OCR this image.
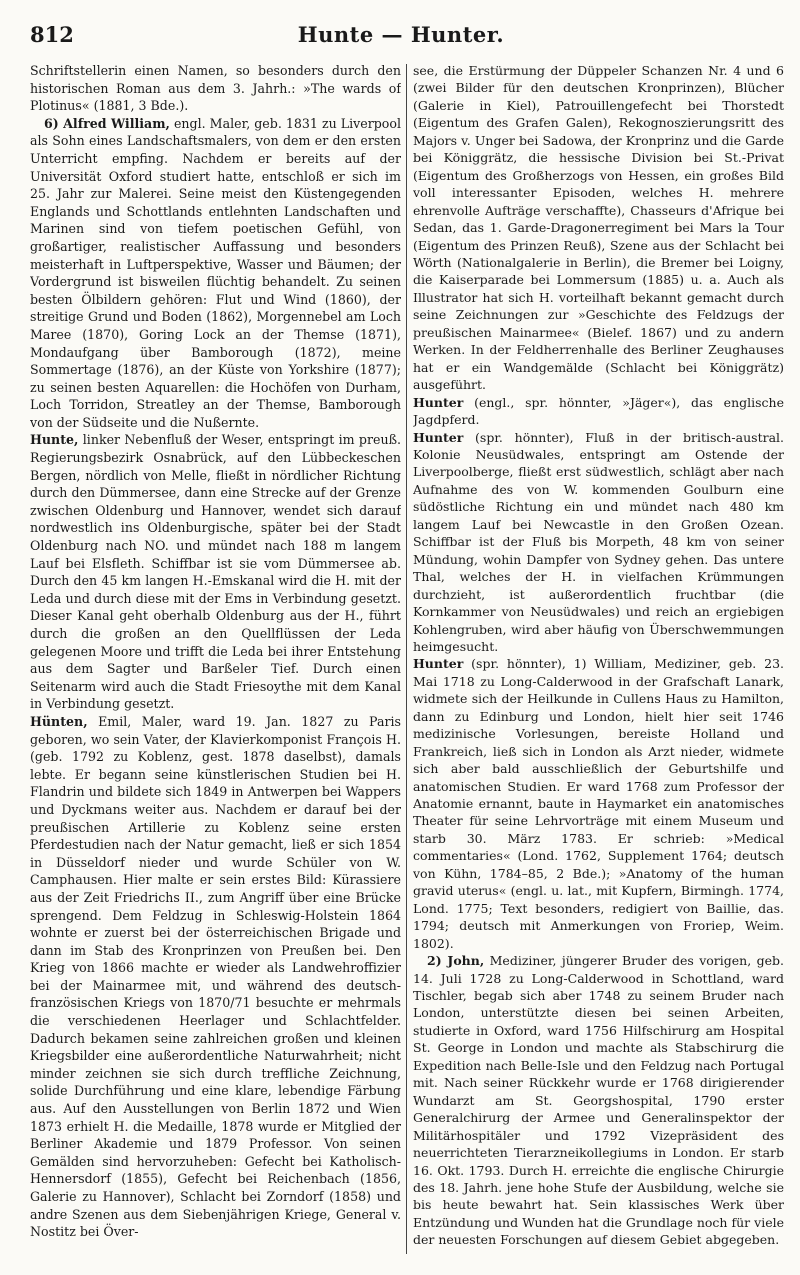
812	Hunte — Hunter.

Schriftstellerin einen Namen, so besonders durch den historischen Roman aus dem 3. Jahrh.: »The wards of Plotinus« (1881, 3 Bde.).

6) Alfred William, engl. Maler, geb. 1831 zu Liverpool als Sohn eines Landschaftsmalers, von dem er den ersten Unterricht empfing. Nachdem er bereits auf der Universität Oxford studiert hatte, entschloß er sich im 25. Jahr zur Malerei. Seine meist den Küstengegenden Englands und Schottlands entlehnten Landschaften und Marinen sind von tiefem poetischen Gefühl, von großartiger, realistischer Auffassung und besonders meisterhaft in Luftperspektive, Wasser und Bäumen; der Vordergrund ist bisweilen flüchtig behandelt. Zu seinen besten Ölbildern gehören: Flut und Wind (1860), der streitige Grund und Boden (1862), Morgennebel am Loch Maree (1870), Goring Lock an der Themse (1871), Mondaufgang über Bamborough (1872), meine Sommertage (1876), an der Küste von Yorkshire (1877); zu seinen besten Aquarellen: die Hochöfen von Durham, Loch Torridon, Streatley an der Themse, Bamborough von der Südseite und die Nußernte.

Hunte, linker Nebenfluß der Weser, entspringt im preuß. Regierungsbezirk Osnabrück, auf den Lübbeckeschen Bergen, nördlich von Melle, fließt in nördlicher Richtung durch den Dümmersee, dann eine Strecke auf der Grenze zwischen Oldenburg und Hannover, wendet sich darauf nordwestlich ins Oldenburgische, später bei der Stadt Oldenburg nach NO. und mündet nach 188 m langem Lauf bei Elsfleth. Schiffbar ist sie vom Dümmersee ab. Durch den 45 km langen H.-Emskanal wird die H. mit der Leda und durch diese mit der Ems in Verbindung gesetzt. Dieser Kanal geht oberhalb Oldenburg aus der H., führt durch die großen an den Quellflüssen der Leda gelegenen Moore und trifft die Leda bei ihrer Entstehung aus dem Sagter und Barßeler Tief. Durch einen Seitenarm wird auch die Stadt Friesoythe mit dem Kanal in Verbindung gesetzt.

Hünten, Emil, Maler, ward 19. Jan. 1827 zu Paris geboren, wo sein Vater, der Klavierkomponist François H. (geb. 1792 zu Koblenz, gest. 1878 daselbst), damals lebte. Er begann seine künstlerischen Studien bei H. Flandrin und bildete sich 1849 in Antwerpen bei Wappers und Dyckmans weiter aus. Nachdem er darauf bei der preußischen Artillerie zu Koblenz seine ersten Pferdestudien nach der Natur gemacht, ließ er sich 1854 in Düsseldorf nieder und wurde Schüler von W. Camphausen. Hier malte er sein erstes Bild: Kürassiere aus der Zeit Friedrichs II., zum Angriff über eine Brücke sprengend. Dem Feldzug in Schleswig-Holstein 1864 wohnte er zuerst bei der österreichischen Brigade und dann im Stab des Kronprinzen von Preußen bei. Den Krieg von 1866 machte er wieder als Landwehroffizier bei der Mainarmee mit, und während des deutsch-französischen Kriegs von 1870/71 besuchte er mehrmals die verschiedenen Heerlager und Schlachtfelder. Dadurch bekamen seine zahlreichen großen und kleinen Kriegsbilder eine außerordentliche Naturwahrheit; nicht minder zeichnen sie sich durch treffliche Zeichnung, solide Durchführung und eine klare, lebendige Färbung aus. Auf den Ausstellungen von Berlin 1872 und Wien 1873 erhielt H. die Medaille, 1878 wurde er Mitglied der Berliner Akademie und 1879 Professor. Von seinen Gemälden sind hervorzuheben: Gefecht bei Katholisch-Hennersdorf (1855), Gefecht bei Reichenbach (1856, Galerie zu Hannover), Schlacht bei Zorndorf (1858) und andre Szenen aus dem Siebenjährigen Kriege, General v. Nostitz bei Över-

see, die Erstürmung der Düppeler Schanzen Nr. 4 und 6 (zwei Bilder für den deutschen Kronprinzen), Blücher (Galerie in Kiel), Patrouillengefecht bei Thorstedt (Eigentum des Grafen Galen), Rekognoszierungsritt des Majors v. Unger bei Sadowa, der Kronprinz und die Garde bei Königgrätz, die hessische Division bei St.-Privat (Eigentum des Großherzogs von Hessen, ein großes Bild voll interessanter Episoden, welches H. mehrere ehrenvolle Aufträge verschaffte), Chasseurs d'Afrique bei Sedan, das 1. Garde-Dragonerregiment bei Mars la Tour (Eigentum des Prinzen Reuß), Szene aus der Schlacht bei Wörth (Nationalgalerie in Berlin), die Bremer bei Loigny, die Kaiserparade bei Lommersum (1885) u. a. Auch als Illustrator hat sich H. vorteilhaft bekannt gemacht durch seine Zeichnungen zur »Geschichte des Feldzugs der preußischen Mainarmee« (Bielef. 1867) und zu andern Werken. In der Feldherrenhalle des Berliner Zeughauses hat er ein Wandgemälde (Schlacht bei Königgrätz) ausgeführt.

Hunter (engl., spr. hönnter, »Jäger«), das englische Jagdpferd.

Hunter (spr. hönnter), Fluß in der britisch-austral. Kolonie Neusüdwales, entspringt am Ostende der Liverpoolberge, fließt erst südwestlich, schlägt aber nach Aufnahme des von W. kommenden Goulburn eine südöstliche Richtung ein und mündet nach 480 km langem Lauf bei Newcastle in den Großen Ozean. Schiffbar ist der Fluß bis Morpeth, 48 km von seiner Mündung, wohin Dampfer von Sydney gehen. Das untere Thal, welches der H. in vielfachen Krümmungen durchzieht, ist außerordentlich fruchtbar (die Kornkammer von Neusüdwales) und reich an ergiebigen Kohlengruben, wird aber häufig von Überschwemmungen heimgesucht.

Hunter (spr. hönnter), 1) William, Mediziner, geb. 23. Mai 1718 zu Long-Calderwood in der Grafschaft Lanark, widmete sich der Heilkunde in Cullens Haus zu Hamilton, dann zu Edinburg und London, hielt hier seit 1746 medizinische Vorlesungen, bereiste Holland und Frankreich, ließ sich in London als Arzt nieder, widmete sich aber bald ausschließlich der Geburtshilfe und anatomischen Studien. Er ward 1768 zum Professor der Anatomie ernannt, baute in Haymarket ein anatomisches Theater für seine Lehrvorträge mit einem Museum und starb 30. März 1783. Er schrieb: »Medical commentaries« (Lond. 1762, Supplement 1764; deutsch von Kühn, 1784–85, 2 Bde.); »Anatomy of the human gravid uterus« (engl. u. lat., mit Kupfern, Birmingh. 1774, Lond. 1775; Text besonders, redigiert von Baillie, das. 1794; deutsch mit Anmerkungen von Froriep, Weim. 1802).

2) John, Mediziner, jüngerer Bruder des vorigen, geb. 14. Juli 1728 zu Long-Calderwood in Schottland, ward Tischler, begab sich aber 1748 zu seinem Bruder nach London, unterstützte diesen bei seinen Arbeiten, studierte in Oxford, ward 1756 Hilfschirurg am Hospital St. George in London und machte als Stabschirurg die Expedition nach Belle-Isle und den Feldzug nach Portugal mit. Nach seiner Rückkehr wurde er 1768 dirigierender Wundarzt am St. Georgshospital, 1790 erster Generalchirurg der Armee und Generalinspektor der Militärhospitäler und 1792 Vizepräsident des neuerrichteten Tierarzneikollegiums in London. Er starb 16. Okt. 1793. Durch H. erreichte die englische Chirurgie des 18. Jahrh. jene hohe Stufe der Ausbildung, welche sie bis heute bewahrt hat. Sein klassisches Werk über Entzündung und Wunden hat die Grundlage noch für viele der neuesten Forschungen auf diesem Gebiet abgegeben.
